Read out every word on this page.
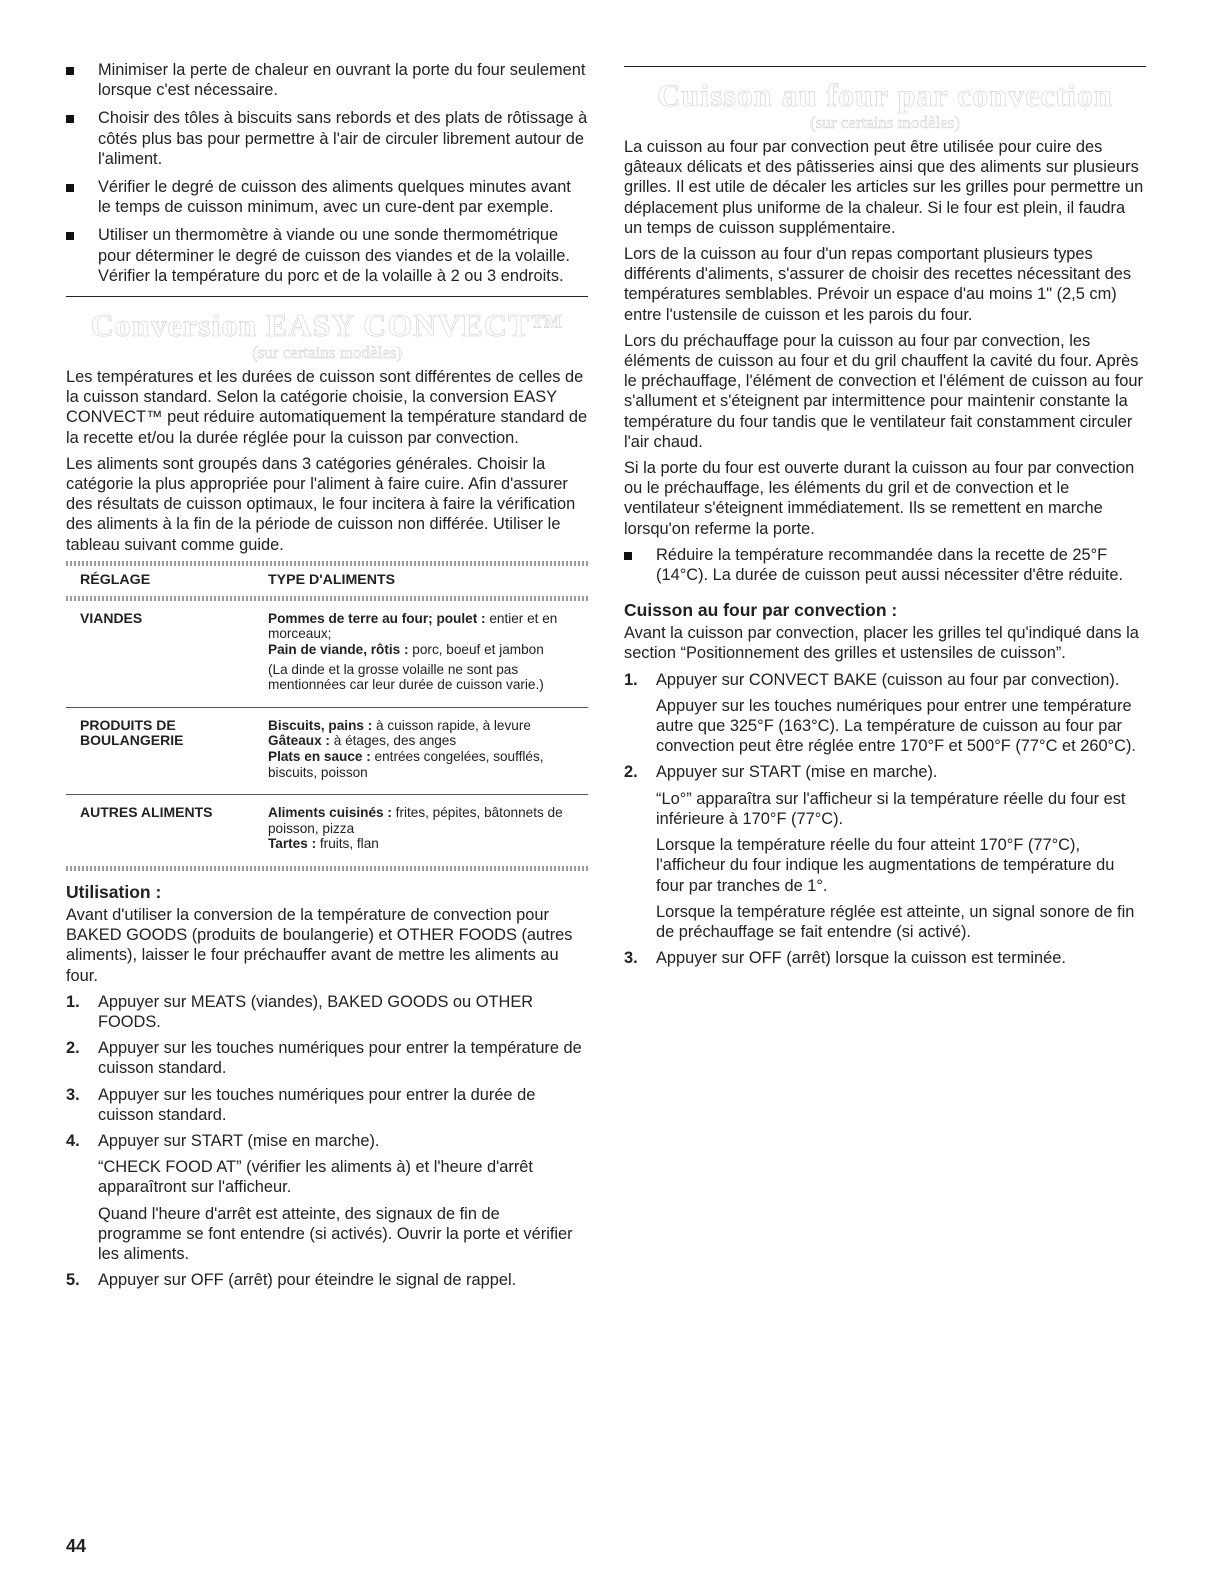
Minimiser la perte de chaleur en ouvrant la porte du four seulement lorsque c'est nécessaire.
Choisir des tôles à biscuits sans rebords et des plats de rôtissage à côtés plus bas pour permettre à l'air de circuler librement autour de l'aliment.
Vérifier le degré de cuisson des aliments quelques minutes avant le temps de cuisson minimum, avec un cure-dent par exemple.
Utiliser un thermomètre à viande ou une sonde thermométrique pour déterminer le degré de cuisson des viandes et de la volaille. Vérifier la température du porc et de la volaille à 2 ou 3 endroits.
Conversion EASY CONVECT™
(sur certains modèles)

Les températures et les durées de cuisson sont différentes de celles de la cuisson standard. Selon la catégorie choisie, la conversion EASY CONVECT™ peut réduire automatiquement la température standard de la recette et/ou la durée réglée pour la cuisson par convection.

Les aliments sont groupés dans 3 catégories générales. Choisir la catégorie la plus appropriée pour l'aliment à faire cuire. Afin d'assurer des résultats de cuisson optimaux, le four incitera à faire la vérification des aliments à la fin de la période de cuisson non différée. Utiliser le tableau suivant comme guide.

RÉGLAGE	TYPE D'ALIMENTS

VIANDES	Pommes de terre au four; poulet : entier et en morceaux;
Pain de viande, rôtis : porc, boeuf et jambon
(La dinde et la grosse volaille ne sont pas mentionnées car leur durée de cuisson varie.)

PRODUITS DE BOULANGERIE	Biscuits, pains : à cuisson rapide, à levure
Gâteaux : à étages, des anges
Plats en sauce : entrées congelées, soufflés, biscuits, poisson

AUTRES ALIMENTS	Aliments cuisinés : frites, pépites, bâtonnets de poisson, pizza
Tartes : fruits, flan
Utilisation :

Avant d'utiliser la conversion de la température de convection pour BAKED GOODS (produits de boulangerie) et OTHER FOODS (autres aliments), laisser le four préchauffer avant de mettre les aliments au four.

1. Appuyer sur MEATS (viandes), BAKED GOODS ou OTHER FOODS.
2. Appuyer sur les touches numériques pour entrer la température de cuisson standard.
3. Appuyer sur les touches numériques pour entrer la durée de cuisson standard.
4. Appuyer sur START (mise en marche).

“CHECK FOOD AT” (vérifier les aliments à) et l'heure d'arrêt apparaîtront sur l'afficheur.

Quand l'heure d'arrêt est atteinte, des signaux de fin de programme se font entendre (si activés). Ouvrir la porte et vérifier les aliments.

5. Appuyer sur OFF (arrêt) pour éteindre le signal de rappel.
Cuisson au four par convection
(sur certains modèles)

La cuisson au four par convection peut être utilisée pour cuire des gâteaux délicats et des pâtisseries ainsi que des aliments sur plusieurs grilles. Il est utile de décaler les articles sur les grilles pour permettre un déplacement plus uniforme de la chaleur. Si le four est plein, il faudra un temps de cuisson supplémentaire.

Lors de la cuisson au four d'un repas comportant plusieurs types différents d'aliments, s'assurer de choisir des recettes nécessitant des températures semblables. Prévoir un espace d'au moins 1" (2,5 cm) entre l'ustensile de cuisson et les parois du four.

Lors du préchauffage pour la cuisson au four par convection, les éléments de cuisson au four et du gril chauffent la cavité du four. Après le préchauffage, l'élément de convection et l'élément de cuisson au four s'allument et s'éteignent par intermittence pour maintenir constante la température du four tandis que le ventilateur fait constamment circuler l'air chaud.

Si la porte du four est ouverte durant la cuisson au four par convection ou le préchauffage, les éléments du gril et de convection et le ventilateur s'éteignent immédiatement. Ils se remettent en marche lorsqu'on referme la porte.

Réduire la température recommandée dans la recette de 25°F (14°C). La durée de cuisson peut aussi nécessiter d'être réduite.
Cuisson au four par convection :

Avant la cuisson par convection, placer les grilles tel qu'indiqué dans la section “Positionnement des grilles et ustensiles de cuisson”.

1. Appuyer sur CONVECT BAKE (cuisson au four par convection).

Appuyer sur les touches numériques pour entrer une température autre que 325°F (163°C). La température de cuisson au four par convection peut être réglée entre 170°F et 500°F (77°C et 260°C).

2. Appuyer sur START (mise en marche).

“Lo°” apparaîtra sur l'afficheur si la température réelle du four est inférieure à 170°F (77°C).

Lorsque la température réelle du four atteint 170°F (77°C), l'afficheur du four indique les augmentations de température du four par tranches de 1°.

Lorsque la température réglée est atteinte, un signal sonore de fin de préchauffage se fait entendre (si activé).

3. Appuyer sur OFF (arrêt) lorsque la cuisson est terminée.
44
